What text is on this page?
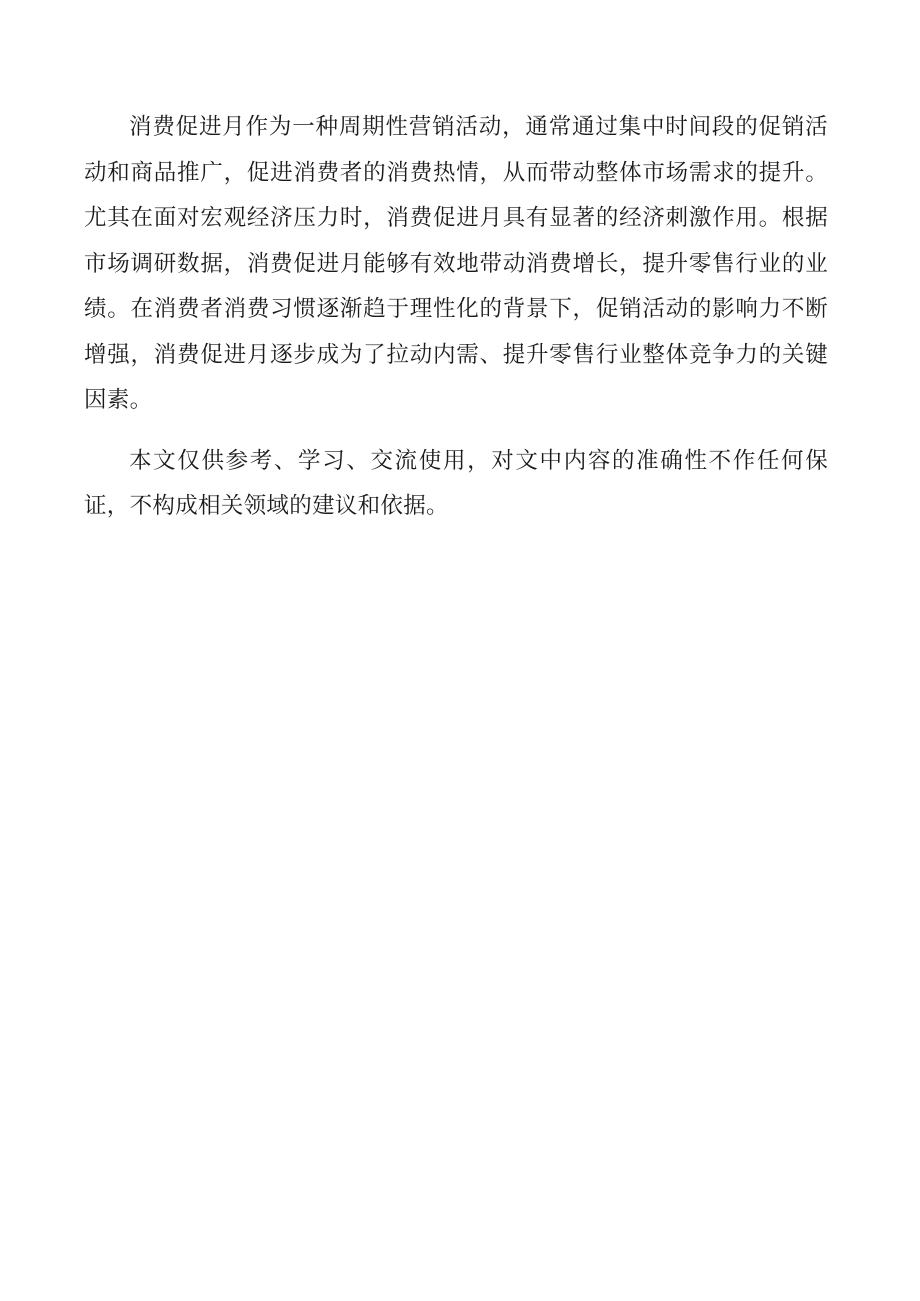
消费促进月作为一种周期性营销活动，通常通过集中时间段的促销活动和商品推广，促进消费者的消费热情，从而带动整体市场需求的提升。尤其在面对宏观经济压力时，消费促进月具有显著的经济刺激作用。根据市场调研数据，消费促进月能够有效地带动消费增长，提升零售行业的业绩。在消费者消费习惯逐渐趋于理性化的背景下，促销活动的影响力不断增强，消费促进月逐步成为了拉动内需、提升零售行业整体竞争力的关键因素。

本文仅供参考、学习、交流使用，对文中内容的准确性不作任何保证，不构成相关领域的建议和依据。
